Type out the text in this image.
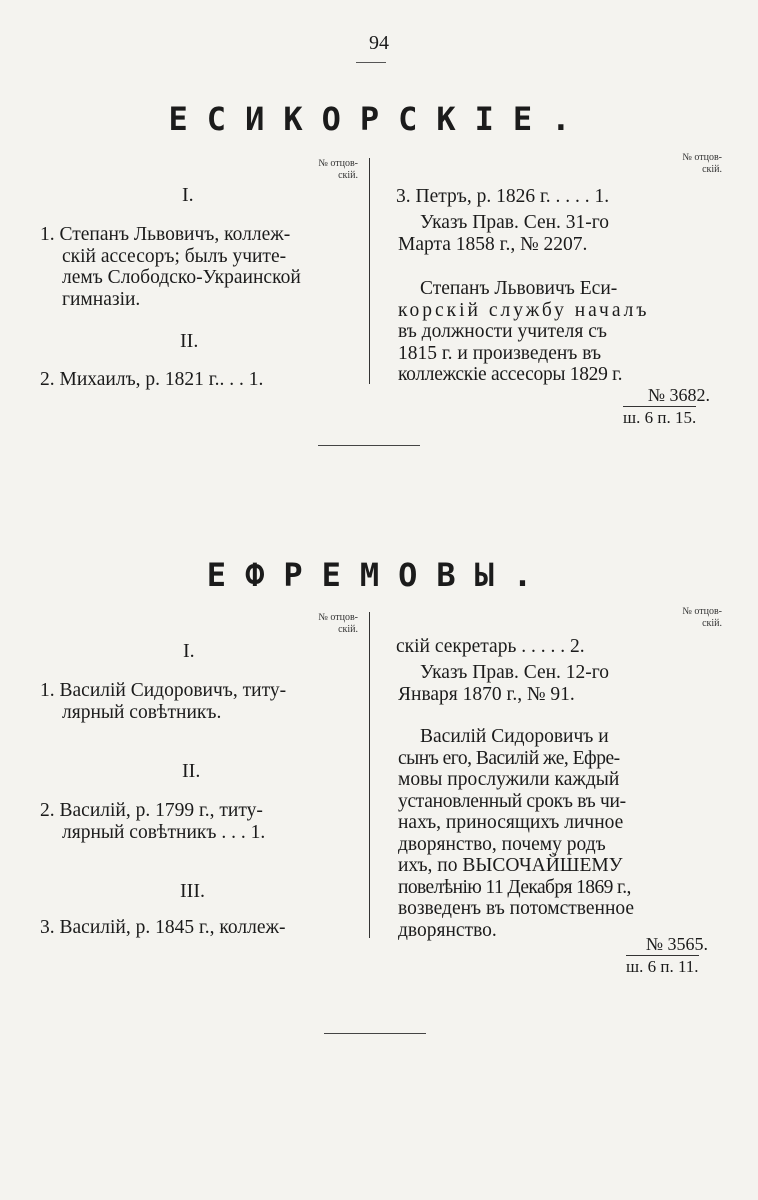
94
ЕСИКОРСКІЕ.
№ отцов-
скій.
№ отцов-
скій.
I.
1. Степанъ Львовичъ, коллеж-
скій ассесоръ; былъ учите-
лемъ Слободско-Украинской
гимназіи.
II.
2. Михаилъ, р. 1821 г.. . . 1.
3. Петръ, р. 1826 г. . . . . 1.
Указъ Прав. Сен. 31-го
Марта 1858 г., № 2207.
Степанъ Львовичъ Еси-
корскій службу началъ
въ должности учителя съ
1815 г. и произведенъ въ
коллежскіе ассесоры 1829 г.
№ 3682.
ш. 6 п. 15.
ЕФРЕМОВЫ.
№ отцов-
скій.
№ отцов-
скій.
I.
1. Василій Сидоровичъ, титу-
лярный совѣтникъ.
II.
2. Василій, р. 1799 г., титу-
лярный совѣтникъ . . . 1.
III.
3. Василій, р. 1845 г., коллеж-
скій секретарь . . . . . 2.
Указъ Прав. Сен. 12-го
Января 1870 г., № 91.
Василій Сидоровичъ и
сынъ его, Василій же, Ефре-
мовы прослужили каждый
установленный срокъ въ чи-
нахъ, приносящихъ личное
дворянство, почему родъ
ихъ, по ВЫСОЧАЙШЕМУ
повелѣнію 11 Декабря 1869 г.,
возведенъ въ потомственное
дворянство.
№ 3565.
ш. 6 п. 11.
